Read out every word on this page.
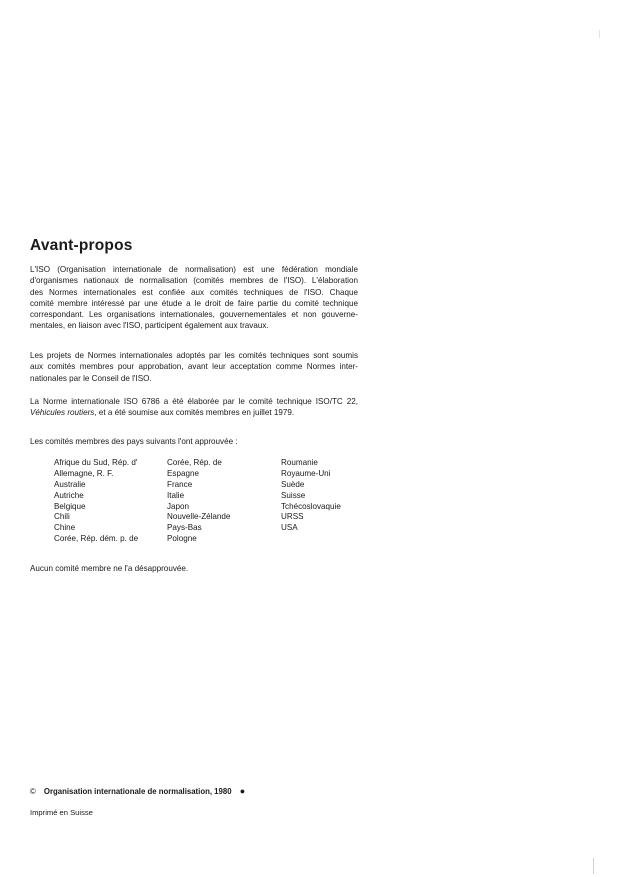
Avant-propos

L'ISO (Organisation internationale de normalisation) est une fédération mondiale
d'organismes nationaux de normalisation (comités membres de l'ISO). L'élaboration
des Normes internationales est confiée aux comités techniques de l'ISO. Chaque
comité membre intéressé par une étude a le droit de faire partie du comité technique
correspondant. Les organisations internationales, gouvernementales et non gouverne-
mentales, en liaison avec l'ISO, participent également aux travaux.

Les projets de Normes internationales adoptés par les comités techniques sont soumis
aux comités membres pour approbation, avant leur acceptation comme Normes inter-
nationales par le Conseil de l'ISO.

La Norme internationale ISO 6786 a été élaborée par le comité technique ISO/TC 22,
Véhicules routiers, et a été soumise aux comités membres en juillet 1979.

Les comités membres des pays suivants l'ont approuvée :

Afrique du Sud, Rép. d'
Allemagne, R. F.
Australie
Autriche
Belgique
Chili
Chine
Corée, Rép. dém. p. de
Corée, Rép. de
Espagne
France
Italie
Japon
Nouvelle-Zélande
Pays-Bas
Pologne
Roumanie
Royaume-Uni
Suède
Suisse
Tchécoslovaquie
URSS
USA

Aucun comité membre ne l'a désapprouvée.

© Organisation internationale de normalisation, 1980 ●
Imprimé en Suisse
